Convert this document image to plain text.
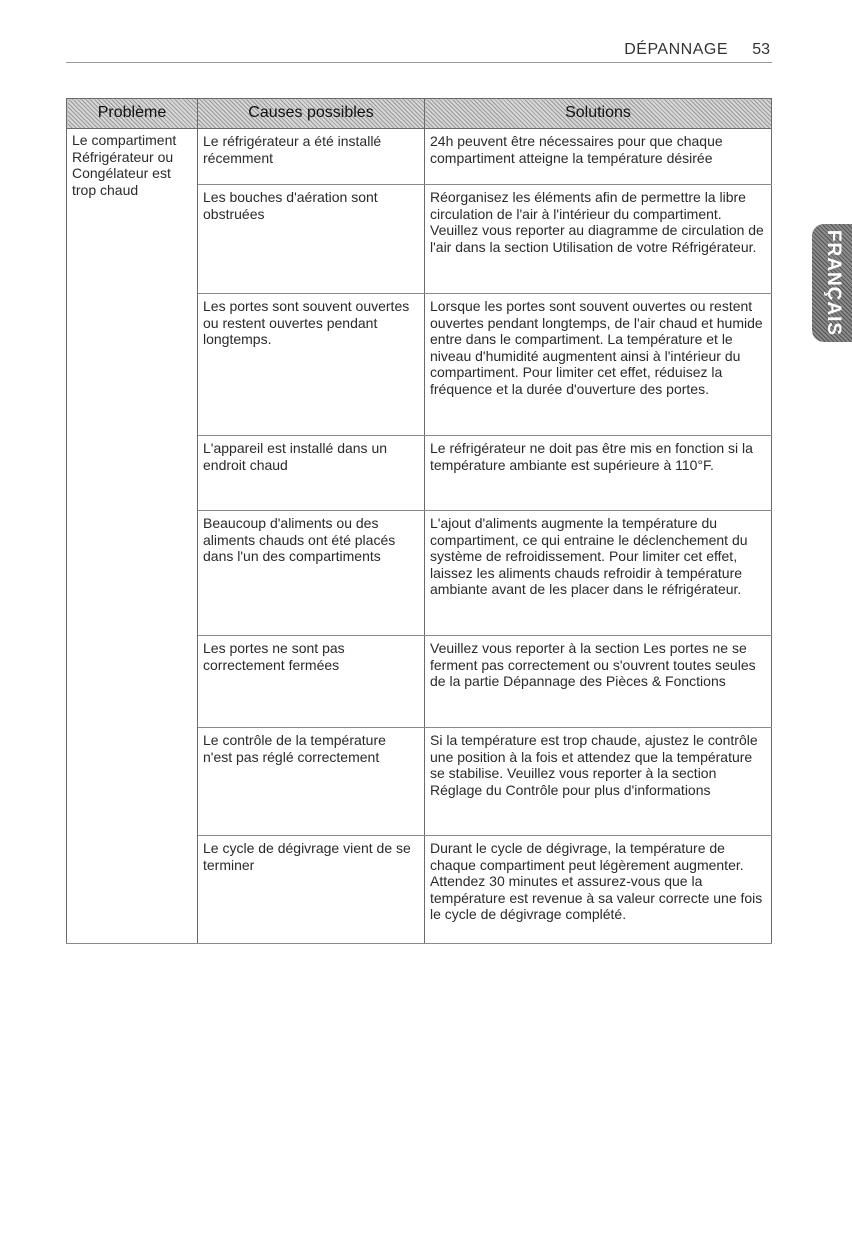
DÉPANNAGE 53
FRANÇAIS
Problème	Causes possibles	Solutions

Le compartiment Réfrigérateur ou Congélateur est trop chaud	Le réfrigérateur a été installé récemment	24h peuvent être nécessaires pour que chaque compartiment atteigne la température désirée

	Les bouches d'aération sont obstruées	Réorganisez les éléments afin de permettre la libre circulation de l'air à l'intérieur du compartiment. Veuillez vous reporter au diagramme de circulation de l'air dans la section Utilisation de votre Réfrigérateur.

	Les portes sont souvent ouvertes ou restent ouvertes pendant longtemps.	Lorsque les portes sont souvent ouvertes ou restent ouvertes pendant longtemps, de l'air chaud et humide entre dans le compartiment. La température et le niveau d'humidité augmentent ainsi à l'intérieur du compartiment. Pour limiter cet effet, réduisez la fréquence et la durée d'ouverture des portes.

	L'appareil est installé dans un endroit chaud	Le réfrigérateur ne doit pas être mis en fonction si la température ambiante est supérieure à 110°F.

	Beaucoup d'aliments ou des aliments chauds ont été placés dans l'un des compartiments	L'ajout d'aliments augmente la température du compartiment, ce qui entraine le déclenchement du système de refroidissement. Pour limiter cet effet, laissez les aliments chauds refroidir à température ambiante avant de les placer dans le réfrigérateur.

	Les portes ne sont pas correctement fermées	Veuillez vous reporter à la section Les portes ne se ferment pas correctement ou s'ouvrent toutes seules de la partie Dépannage des Pièces & Fonctions

	Le contrôle de la température n'est pas réglé correctement	Si la température est trop chaude, ajustez le contrôle une position à la fois et attendez que la température se stabilise. Veuillez vous reporter à la section Réglage du Contrôle pour plus d'informations

	Le cycle de dégivrage vient de se terminer	Durant le cycle de dégivrage, la température de chaque compartiment peut légèrement augmenter. Attendez 30 minutes et assurez-vous que la température est revenue à sa valeur correcte une fois le cycle de dégivrage complété.
